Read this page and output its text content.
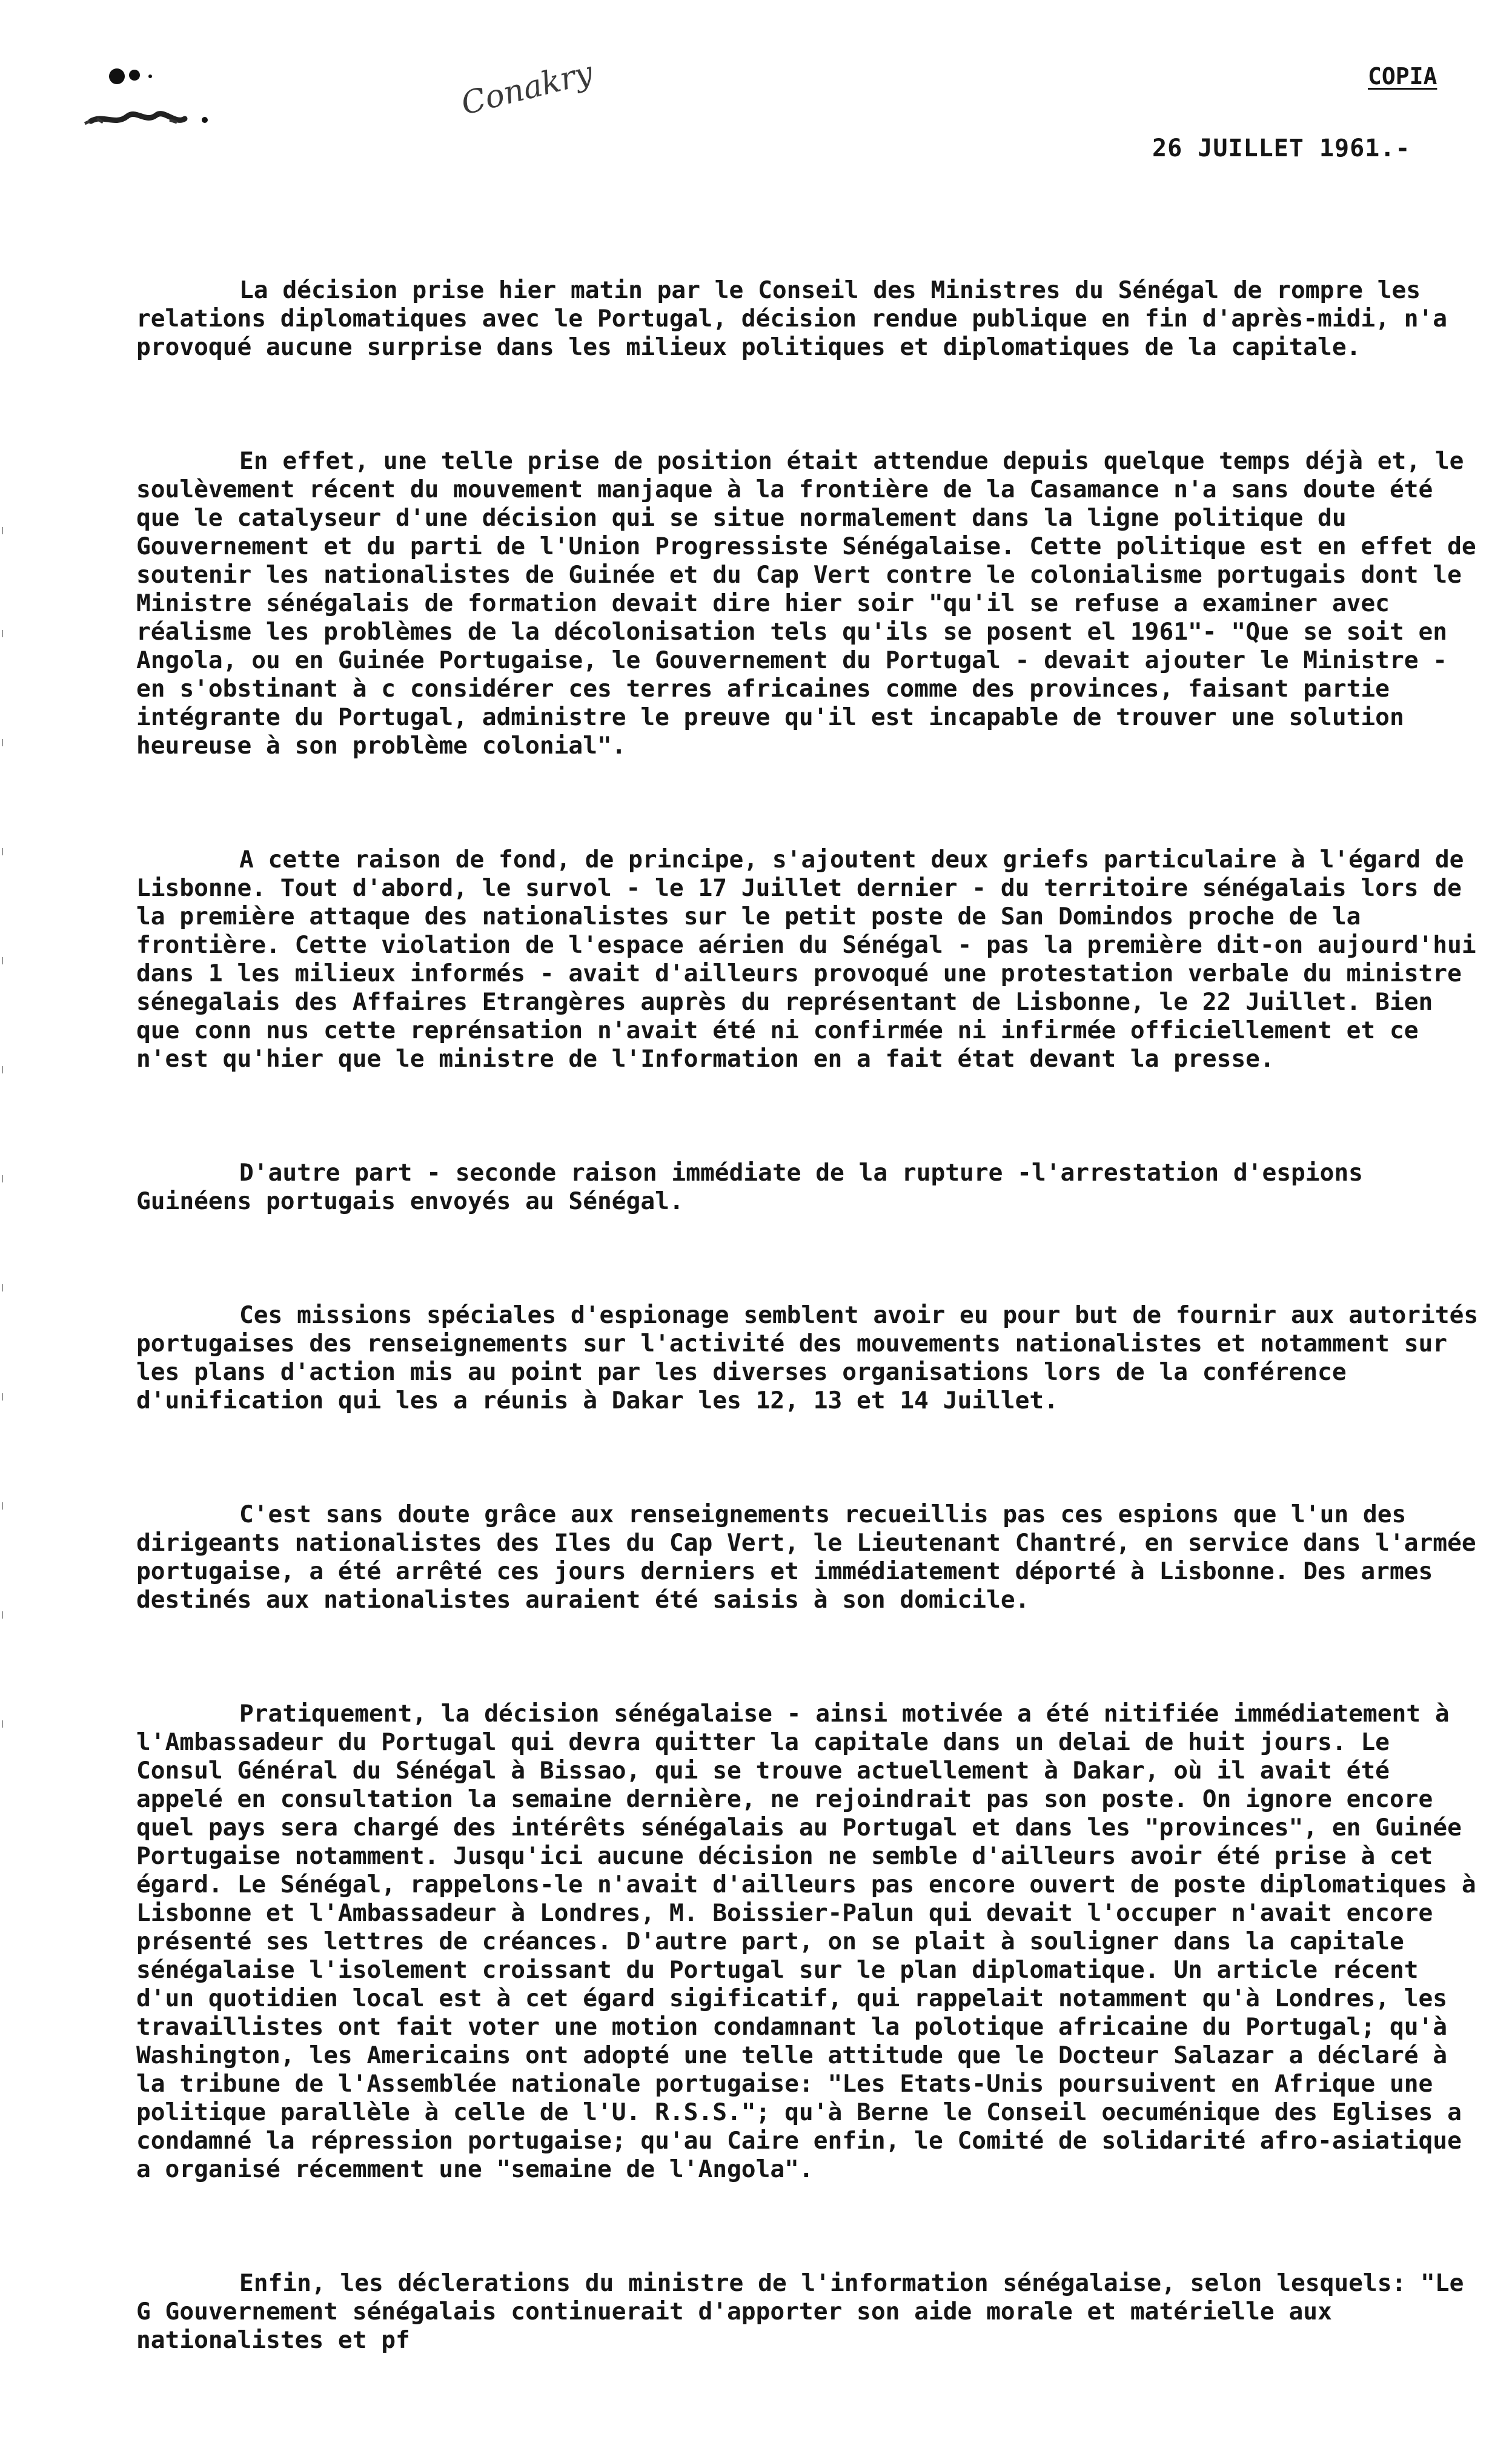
Conakry	COPIA
26 JUILLET 1961.-

La décision prise hier matin par le Conseil des Ministres du Sénégal de rompre les relations diplomatiques avec le Portugal, décision rendue publique en fin d'après-midi, n'a provoqué aucune surprise dans les milieux politiques et diplomatiques de la capitale.

En effet, une telle prise de position était attendue depuis quelque temps déjà et, le soulèvement récent du mouvement manjaque à la frontière de la Casamance n'a sans doute été que le catalyseur d'une décision qui se situe normalement dans la ligne politique du Gouvernement et du parti de l'Union Progressiste Sénégalaise. Cette politique est en effet de soutenir les nationalistes de Guinée et du Cap Vert contre le colonialisme portugais dont le Ministre sénégalais de formation devait dire hier soir "qu'il se refuse a examiner avec réalisme les problèmes de la décolonisation tels qu'ils se posent el 1961"- "Que se soit en Angola, ou en Guinée Portugaise, le Gouvernement du Portugal - devait ajouter le Ministre - en s'obstinant à c considérer ces terres africaines comme des provinces, faisant partie intégrante du Portugal, administre le preuve qu'il est incapable de trouver une solution heureuse à son problème colonial".

A cette raison de fond, de principe, s'ajoutent deux griefs particulaire à l'égard de Lisbonne. Tout d'abord, le survol - le 17 Juillet dernier - du territoire sénégalais lors de la première attaque des nationalistes sur le petit poste de San Domindos proche de la frontière. Cette violation de l'espace aérien du Sénégal - pas la première dit-on aujourd'hui dans 1 les milieux informés - avait d'ailleurs provoqué une protestation verbale du ministre sénegalais des Affaires Etrangères auprès du représentant de Lisbonne, le 22 Juillet. Bien que conn nus cette reprénsation n'avait été ni confirmée ni infirmée officiellement et ce n'est qu'hier que le ministre de l'Information en a fait état devant la presse.

D'autre part - seconde raison immédiate de la rupture -l'arrestation d'espions Guinéens portugais envoyés au Sénégal.

Ces missions spéciales d'espionage semblent avoir eu pour but de fournir aux autorités portugaises des renseignements sur l'activité des mouvements nationalistes et notamment sur les plans d'action mis au point par les diverses organisations lors de la conférence d'unification qui les a réunis à Dakar les 12, 13 et 14 Juillet.

C'est sans doute grâce aux renseignements recueillis pas ces espions que l'un des dirigeants nationalistes des Iles du Cap Vert, le Lieutenant Chantré, en service dans l'armée portugaise, a été arrêté ces jours derniers et immédiatement déporté à Lisbonne. Des armes destinés aux nationalistes auraient été saisis à son domicile.

Pratiquement, la décision sénégalaise - ainsi motivée a été nitifiée immédiatement à l'Ambassadeur du Portugal qui devra quitter la capitale dans un delai de huit jours. Le Consul Général du Sénégal à Bissao, qui se trouve actuellement à Dakar, où il avait été appelé en consultation la semaine dernière, ne rejoindrait pas son poste. On ignore encore quel pays sera chargé des intérêts sénégalais au Portugal et dans les "provinces", en Guinée Portugaise notamment. Jusqu'ici aucune décision ne semble d'ailleurs avoir été prise à cet égard. Le Sénégal, rappelons-le n'avait d'ailleurs pas encore ouvert de poste diplomatiques à Lisbonne et l'Ambassadeur à Londres, M. Boissier-Palun qui devait l'occuper n'avait encore présenté ses lettres de créances. D'autre part, on se plait à souligner dans la capitale sénégalaise l'isolement croissant du Portugal sur le plan diplomatique. Un article récent d'un quotidien local est à cet égard sigificatif, qui rappelait notamment qu'à Londres, les travaillistes ont fait voter une motion condamnant la polotique africaine du Portugal; qu'à Washington, les Americains ont adopté une telle attitude que le Docteur Salazar a déclaré à la tribune de l'Assemblée nationale portugaise: "Les Etats-Unis poursuivent en Afrique une politique parallèle à celle de l'U. R.S.S."; qu'à Berne le Conseil oecuménique des Eglises a condamné la répression portugaise; qu'au Caire enfin, le Comité de solidarité afro-asiatique a organisé récemment une "semaine de l'Angola".

Enfin, les déclerations du ministre de l'information sénégalaise, selon lesquels: "Le G Gouvernement sénégalais continuerait d'apporter son aide morale et matérielle aux nationalistes et pf
